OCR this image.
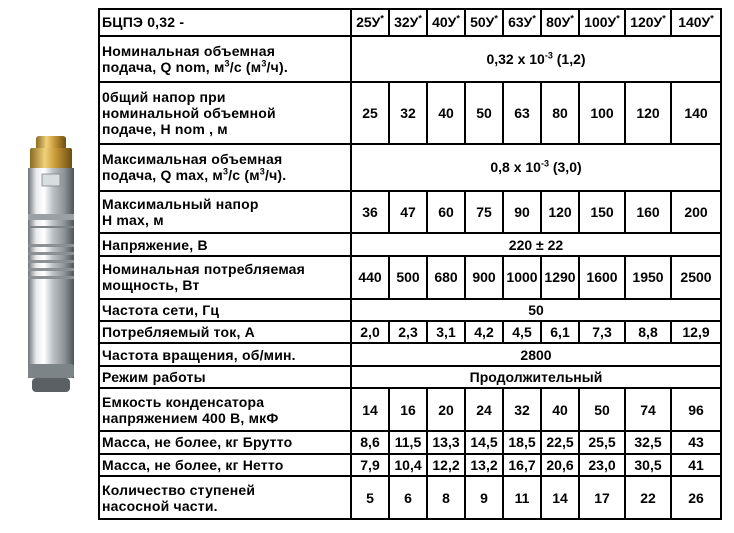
БЦПЭ 0,32 -	25У*	32У*	40У*	50У*	63У*	80У*	100У*	120У*	140У*
Номинальная объемная
подача, Q nom, $м^3/с$ $(м^3/ч)$.	0,32 х $10^{-3}$ (1,2)								
0бщий напор при
номинальной объемной
подаче, H nom , м	25	32	40	50	63	80	100	120	140
Максимальная объемная
подача, Q max, $м^3/с$ $(м^3/ч)$.	0,8 х $10^{-3}$ (3,0)								
Максимальный напор
H max, м	36	47	60	75	90	120	150	160	200
Напряжение, В	220 ± 22								
Номинальная потребляемая
мощность, Вт	440	500	680	900	1000	1290	1600	1950	2500
Частота сети, Гц	50								
Потребляемый ток, А	2,0	2,3	3,1	4,2	4,5	6,1	7,3	8,8	12,9
Частота вращения, об/мин.	2800								
Режим работы	Продолжительный								
Емкость конденсатора
напряжением 400 В, мкФ	14	16	20	24	32	40	50	74	96
Масса, не более, кг Брутто	8,6	11,5	13,3	14,5	18,5	22,5	25,5	32,5	43
Масса, не более, кг Нетто	7,9	10,4	12,2	13,2	16,7	20,6	23,0	30,5	41
Количество ступеней
насосной части.	5	6	8	9	11	14	17	22	26
